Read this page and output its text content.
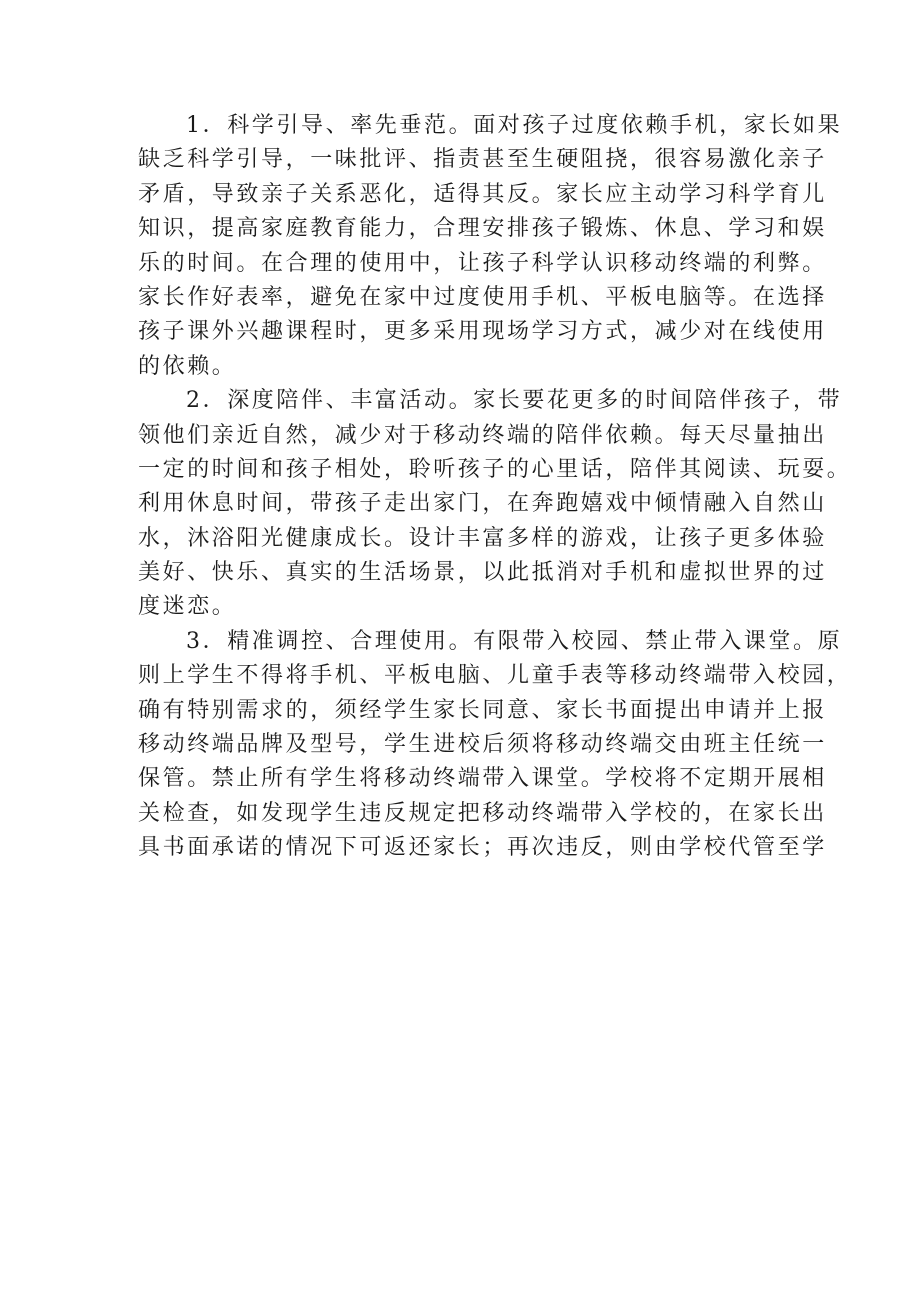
1．科学引导、率先垂范。面对孩子过度依赖手机，家长如果
缺乏科学引导，一味批评、指责甚至生硬阻挠，很容易激化亲子
矛盾，导致亲子关系恶化，适得其反。家长应主动学习科学育儿
知识，提高家庭教育能力，合理安排孩子锻炼、休息、学习和娱
乐的时间。在合理的使用中，让孩子科学认识移动终端的利弊。
家长作好表率，避免在家中过度使用手机、平板电脑等。在选择
孩子课外兴趣课程时，更多采用现场学习方式，减少对在线使用
的依赖。
2．深度陪伴、丰富活动。家长要花更多的时间陪伴孩子，带
领他们亲近自然，减少对于移动终端的陪伴依赖。每天尽量抽出
一定的时间和孩子相处，聆听孩子的心里话，陪伴其阅读、玩耍。
利用休息时间，带孩子走出家门，在奔跑嬉戏中倾情融入自然山
水，沐浴阳光健康成长。设计丰富多样的游戏，让孩子更多体验
美好、快乐、真实的生活场景，以此抵消对手机和虚拟世界的过
度迷恋。
3．精准调控、合理使用。有限带入校园、禁止带入课堂。原
则上学生不得将手机、平板电脑、儿童手表等移动终端带入校园，
确有特别需求的，须经学生家长同意、家长书面提出申请并上报
移动终端品牌及型号，学生进校后须将移动终端交由班主任统一
保管。禁止所有学生将移动终端带入课堂。学校将不定期开展相
关检查，如发现学生违反规定把移动终端带入学校的，在家长出
具书面承诺的情况下可返还家长；再次违反，则由学校代管至学
